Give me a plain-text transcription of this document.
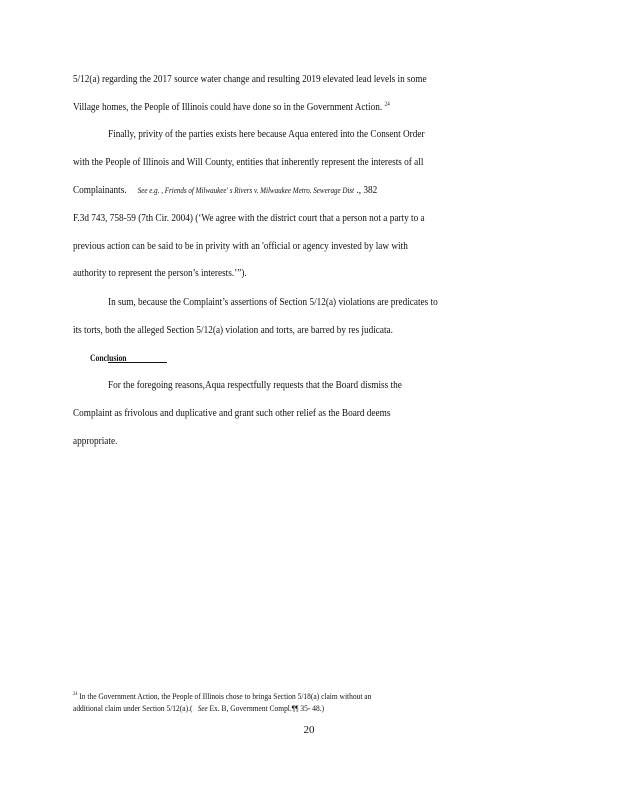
5/12(a) regarding the 2017 source water change and resulting 2019 elevated lead levels in some
Village homes, the People of Illinois could have done so in the Government Action. $^{24}$
Finally, privity of the parties exists here because Aqua entered into the Consent Order
with the People of Illinois and Will County, entities that inherently represent the interests of all
Complainants. See e.g. , Friends of Milwaukee' s Rivers v. Milwaukee Metro. Sewerage Dist ., 382
F.3d 743, 758-59 (7th Cir. 2004) (‘We agree with the district court that a person not a party to a
previous action can be said to be in privity with an 'official or agency invested by law with
authority to represent the person’s interests.’”).
In sum, because the Complaint’s assertions of Section 5/12(a) violations are predicates to
its torts, both the alleged Section 5/12(a) violation and torts, are barred by res judicata.
Conclusion
For the foregoing reasons,Aqua respectfully requests that the Board dismiss the
Complaint as frivolous and duplicative and grant such other relief as the Board deems
appropriate.
$^{24}$ In the Government Action, the People of Illinois chose to bringa Section 5/18(a) claim without an
additional claim under Section 5/12(a).( See Ex. B, Government Compl.¶¶ 35- 48.)
20
